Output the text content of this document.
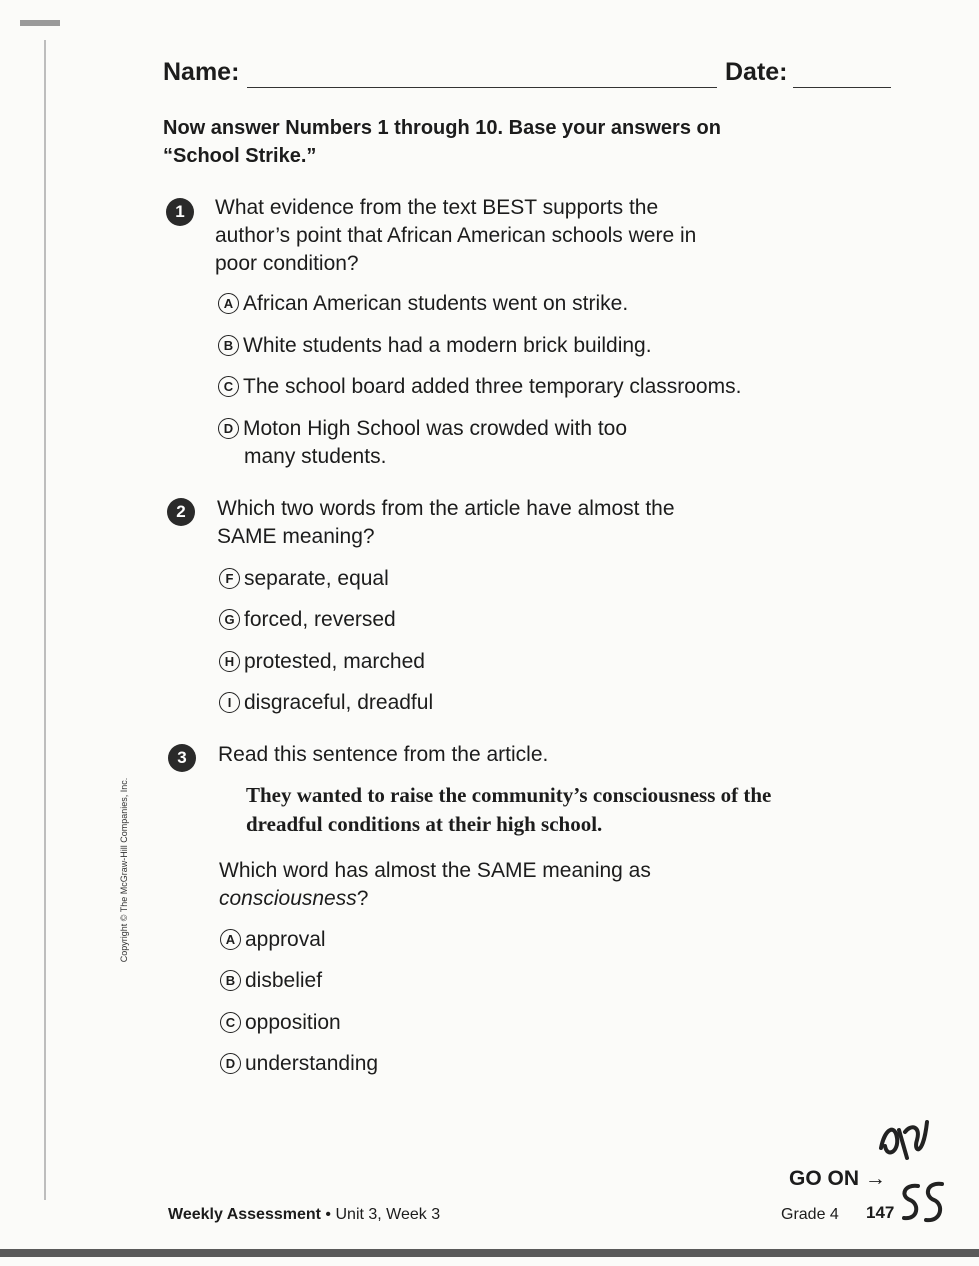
Name:	Date:
Now answer Numbers 1 through 10. Base your answers on “School Strike.”
1	What evidence from the text BEST supports the author’s point that African American schools were in poor condition?
A African American students went on strike.
B White students had a modern brick building.
C The school board added three temporary classrooms.
D Moton High School was crowded with too many students.
2	Which two words from the article have almost the SAME meaning?
F separate, equal
G forced, reversed
H protested, marched
I disgraceful, dreadful
3	Read this sentence from the article.
They wanted to raise the community’s consciousness of the dreadful conditions at their high school.
Which word has almost the SAME meaning as consciousness?
A approval
B disbelief
C opposition
D understanding
Copyright © The McGraw-Hill Companies, Inc.
Weekly Assessment • Unit 3, Week 3
GO ON →
Grade 4 147
